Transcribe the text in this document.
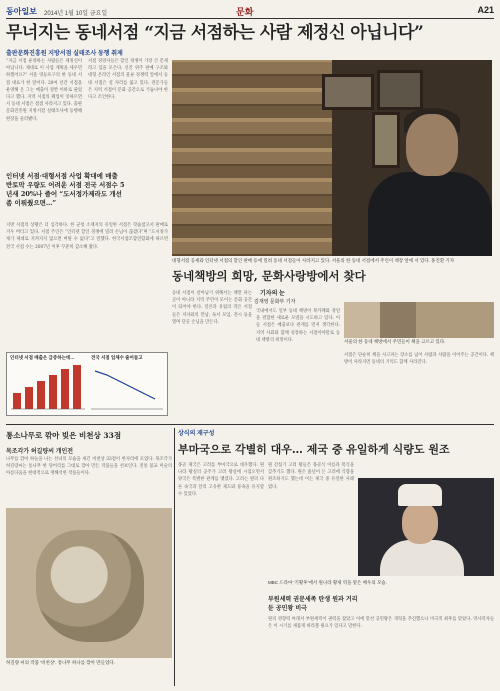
동아일보 2014년 1월 10일 금요일	문화	A21
무너지는 동네서점 “지금 서점하는 사람 제정신 아닙니다”
출판문화진흥원 지방서점 실태조사 동행 취재
“지금 서점 운영하는 사람들은 제정신이 아닙니다. 제대로 이 사업 계획을 세우면 하겠어요?” 서울 영등포구의 한 동네 서점 대표가 한 말이다. 20여 년간 서점을 운영해 온 그는 매출이 절반 이하로 줄었다고 했다. 지역 서점의 폐업이 잇따르면서 동네 서점은 점점 사라지고 있다. 출판문화진흥원 지방서점 실태조사에 동행해 현장을 둘러봤다.
서점 경영자들은 할인 경쟁이 가장 큰 문제라고 입을 모은다. 신간 위주 판매 구조와 대형 온라인 서점의 물류 경쟁력 앞에서 동네 서점은 설 자리를 잃고 있다. 전문가들은 지역 서점이 문화 공간으로 거듭나야 한다고 조언한다.
인터넷 서점·대형서점 사업 확대에 매출 반토막 우량도 어려운 서점 전국 서점수 5년새 20%나 줄어 “도서정가제라도 개선 좀 이뤄줬으면…”
지방 서점의 상황은 더 심각하다. 한 군청 소재지의 유일한 서점은 학습참고서 판매로 겨우 버티고 있다. 서점 주인은 “인터넷 할인 경쟁에 밀려 손님이 끊겼다”며 “도서정가제가 제대로 지켜지지 않으면 버틸 수 없다”고 말했다. 한국서점조합연합회에 따르면 전국 서점 수는 2007년 이후 꾸준히 감소해 왔다.
대형서점 공세와 인터넷 서점의 할인 판매 등에 밀려 동네 서점들이 사라지고 있다. 서울의 한 동네 서점에서 주인이 책장 앞에 서 있다. 홍진환 기자
동네책방의 희망, 문화사랑방에서 찾다
기자의 눈
김재영 문화부 기자
동네 서점이 살아남기 위해서는 책만 파는 곳이 아니라 지역 주민이 모이는 문화 공간이 되어야 한다. 일본과 유럽의 작은 서점들은 저자와의 만남, 독서 모임, 전시 등을 열며 단골 손님을 만든다.
국내에서도 일부 동네 책방이 북카페와 강연을 결합한 새로운 모델을 시도하고 있다. 이들 서점은 매출보다 관계를 먼저 생각한다. 지역 사회와 함께 성장하는 서점이야말로 동네 책방의 희망이다.	서울의 한 동네 책방에서 주민들이 책을 고르고 있다.
서점은 단순히 책을 사고파는 장소를 넘어 사람과 사람을 이어주는 공간이다. 책방이 사라지면 동네의 기억도 함께 사라진다.
인터넷 서점 매출은 급증하는데…	전국 서점 업체수 줄어들고
통소나무로 깎아 빚은 비천상 33점
목조각가 허길량씨 개인전
나무를 깎아 하늘을 나는 선녀의 모습을 새긴 비천상 33점이 한자리에 모였다. 목조각가 허길량씨는 통나무 한 덩어리를 그대로 깎아 만든 작품들을 선보인다. 전통 불교 미술의 아름다움을 현대적으로 재해석한 작품들이다.
허길량 씨의 작품 ‘비천상’. 통나무 하나를 깎아 만들었다.
상식의 재구성
부마국으로 각별히 대우… 제국 중 유일하게 식량도 원조
몽골 제국은 고려를 부마국으로 대우했다. 원나라 황실의 공주가 고려 왕실에 시집오면서 양국은 특별한 관계를 맺었다. 고려는 원의 다른 속국과 달리 고유한 제도와 풍속을 유지할 수 있었다.
원 간섭기 고려 왕들은 몽골식 이름과 복식을 갖추기도 했다. 원은 흉년이 든 고려에 식량을 원조하기도 했는데 이는 제국 중 유일한 사례였다.
MBC 드라마 ‘기황후’에서 원나라 황제 역을 맡은 배우의 모습.
부원세력 권문세족 탄생 원과 거리둔 공민왕 비극
원의 영향력 아래서 부원세력이 권력을 잡았고 이에 맞선 공민왕은 개혁을 추진했으나 비극적 최후를 맞았다. 역사학자들은 이 시기를 새롭게 바라볼 필요가 있다고 말한다.
